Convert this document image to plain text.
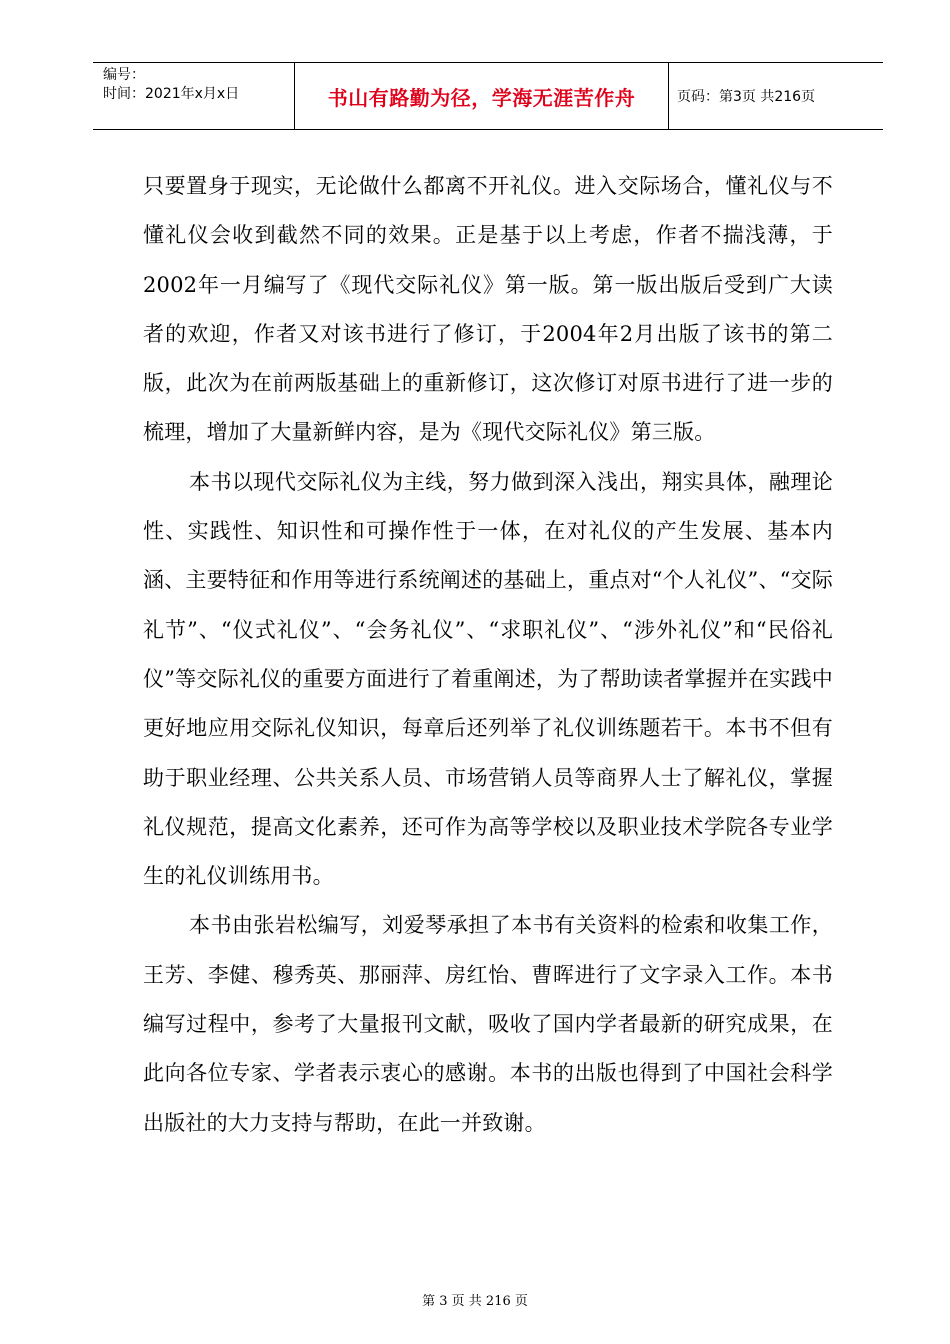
编号：
时间：2021年x月x日	书山有路勤为径，学海无涯苦作舟	页码：第3页 共216页

只要置身于现实，无论做什么都离不开礼仪。进入交际场合，懂礼仪与不懂礼仪会收到截然不同的效果。正是基于以上考虑，作者不揣浅薄，于2002年一月编写了《现代交际礼仪》第一版。第一版出版后受到广大读者的欢迎，作者又对该书进行了修订，于2004年2月出版了该书的第二版，此次为在前两版基础上的重新修订，这次修订对原书进行了进一步的梳理，增加了大量新鲜内容，是为《现代交际礼仪》第三版。

本书以现代交际礼仪为主线，努力做到深入浅出，翔实具体，融理论性、实践性、知识性和可操作性于一体，在对礼仪的产生发展、基本内涵、主要特征和作用等进行系统阐述的基础上，重点对“个人礼仪”、“交际礼节”、“仪式礼仪”、“会务礼仪”、“求职礼仪”、“涉外礼仪”和“民俗礼仪”等交际礼仪的重要方面进行了着重阐述，为了帮助读者掌握并在实践中更好地应用交际礼仪知识，每章后还列举了礼仪训练题若干。本书不但有助于职业经理、公共关系人员、市场营销人员等商界人士了解礼仪，掌握礼仪规范，提高文化素养，还可作为高等学校以及职业技术学院各专业学生的礼仪训练用书。

本书由张岩松编写，刘爱琴承担了本书有关资料的检索和收集工作，王芳、李健、穆秀英、那丽萍、房红怡、曹晖进行了文字录入工作。本书编写过程中，参考了大量报刊文献，吸收了国内学者最新的研究成果，在此向各位专家、学者表示衷心的感谢。本书的出版也得到了中国社会科学出版社的大力支持与帮助，在此一并致谢。

第 3 页 共 216 页
